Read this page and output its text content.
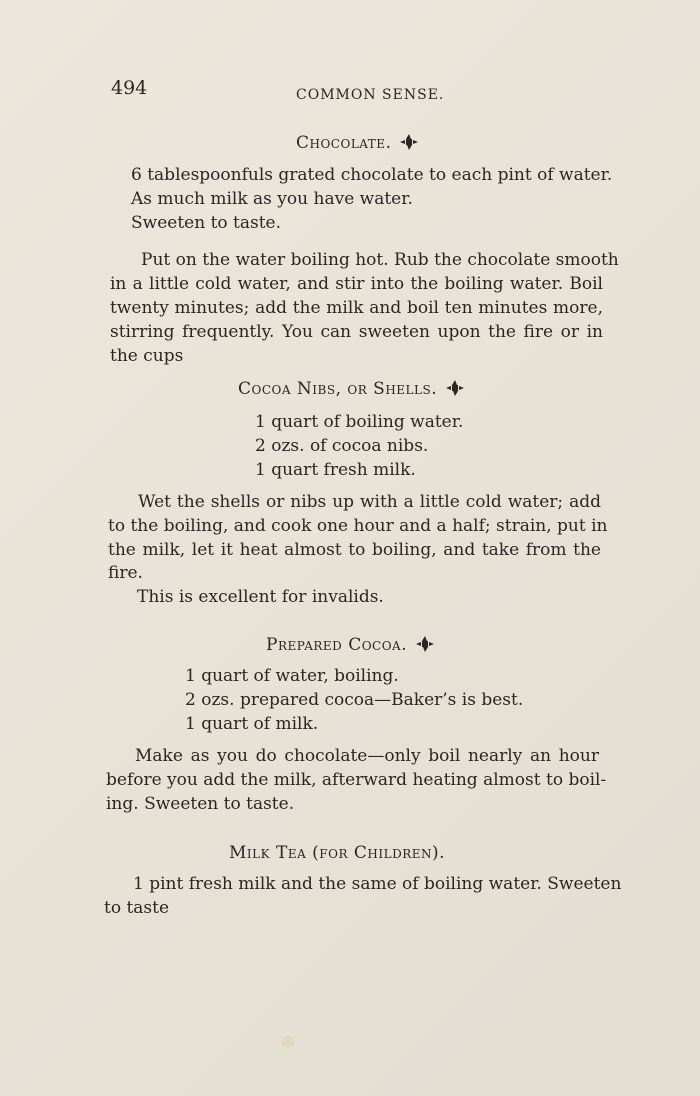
494	COMMON SENSE.
Chocolate.
6 tablespoonfuls grated chocolate to each pint of water.
As much milk as you have water.
Sweeten to taste.
Put on the water boiling hot. Rub the chocolate smooth
in a little cold water, and stir into the boiling water. Boil
twenty minutes; add the milk and boil ten minutes more,
stirring frequently. You can sweeten upon the fire or in
the cups
Cocoa Nibs, or Shells.
1 quart of boiling water.
2 ozs. of cocoa nibs.
1 quart fresh milk.
Wet the shells or nibs up with a little cold water; add
to the boiling, and cook one hour and a half; strain, put in
the milk, let it heat almost to boiling, and take from the
fire.
This is excellent for invalids.
Prepared Cocoa.
1 quart of water, boiling.
2 ozs. prepared cocoa—Baker’s is best.
1 quart of milk.
Make as you do chocolate—only boil nearly an hour
before you add the milk, afterward heating almost to boil-
ing. Sweeten to taste.
Milk Tea (for Children).
1 pint fresh milk and the same of boiling water. Sweeten
to taste
